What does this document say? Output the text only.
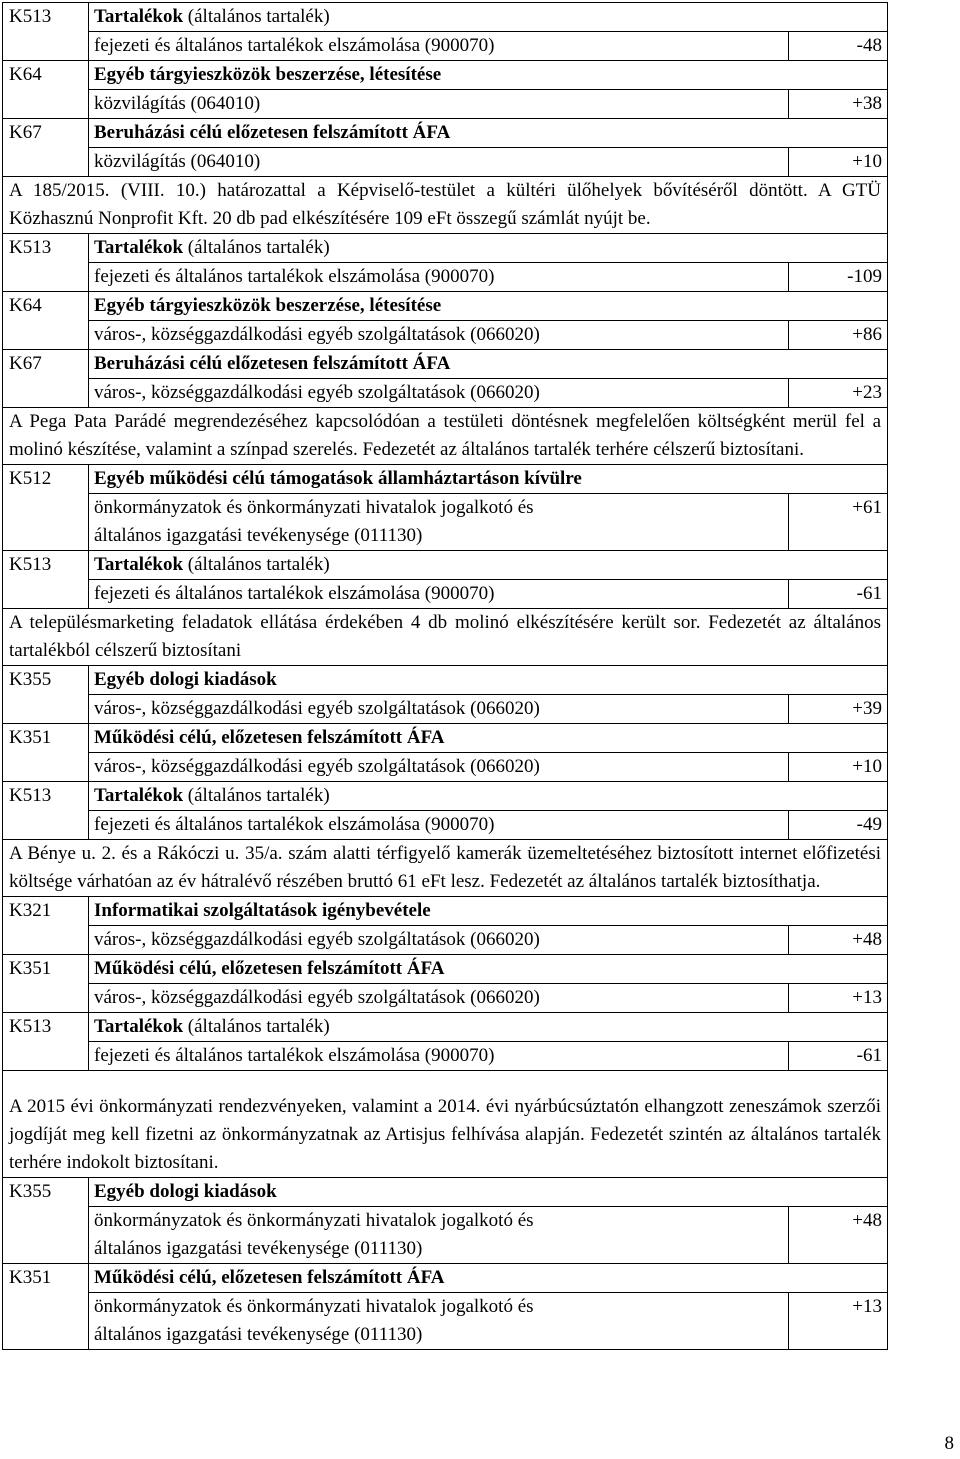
K513	Tartalékok (általános tartalék)
fejezeti és általános tartalékok elszámolása (900070)	-48
K64	Egyéb tárgyieszközök beszerzése, létesítése
közvilágítás (064010)	+38
K67	Beruházási célú előzetesen felszámított ÁFA
közvilágítás (064010)	+10
A 185/2015. (VIII. 10.) határozattal a Képviselő-testület a kültéri ülőhelyek bővítéséről döntött. A GTÜ Közhasznú Nonprofit Kft. 20 db pad elkészítésére 109 eFt összegű számlát nyújt be.
K513	Tartalékok (általános tartalék)
fejezeti és általános tartalékok elszámolása (900070)	-109
K64	Egyéb tárgyieszközök beszerzése, létesítése
város-, községgazdálkodási egyéb szolgáltatások (066020)	+86
K67	Beruházási célú előzetesen felszámított ÁFA
város-, községgazdálkodási egyéb szolgáltatások (066020)	+23
A Pega Pata Parádé megrendezéséhez kapcsolódóan a testületi döntésnek megfelelően költségként merül fel a molinó készítése, valamint a színpad szerelés. Fedezetét az általános tartalék terhére célszerű biztosítani.
K512	Egyéb működési célú támogatások államháztartáson kívülre
önkormányzatok és önkormányzati hivatalok jogalkotó és
általános igazgatási tevékenysége (011130)
+61
K513	Tartalékok (általános tartalék)
fejezeti és általános tartalékok elszámolása (900070)	-61
A településmarketing feladatok ellátása érdekében 4 db molinó elkészítésére került sor. Fedezetét az általános tartalékból célszerű biztosítani
K355	Egyéb dologi kiadások
város-, községgazdálkodási egyéb szolgáltatások (066020)	+39
K351	Működési célú, előzetesen felszámított ÁFA
város-, községgazdálkodási egyéb szolgáltatások (066020)	+10
K513	Tartalékok (általános tartalék)
fejezeti és általános tartalékok elszámolása (900070)	-49
A Bénye u. 2. és a Rákóczi u. 35/a. szám alatti térfigyelő kamerák üzemeltetéséhez biztosított internet előfizetési költsége várhatóan az év hátralévő részében bruttó 61 eFt lesz. Fedezetét az általános tartalék biztosíthatja.
K321	Informatikai szolgáltatások igénybevétele
város-, községgazdálkodási egyéb szolgáltatások (066020)	+48
K351	Működési célú, előzetesen felszámított ÁFA
város-, községgazdálkodási egyéb szolgáltatások (066020)	+13
K513	Tartalékok (általános tartalék)
fejezeti és általános tartalékok elszámolása (900070)	-61
A 2015 évi önkormányzati rendezvényeken, valamint a 2014. évi nyárbúcsúztatón elhangzott zeneszámok szerzői jogdíját meg kell fizetni az önkormányzatnak az Artisjus felhívása alapján. Fedezetét szintén az általános tartalék terhére indokolt biztosítani.
K355	Egyéb dologi kiadások
önkormányzatok és önkormányzati hivatalok jogalkotó és
általános igazgatási tevékenysége (011130)
+48
K351	Működési célú, előzetesen felszámított ÁFA
önkormányzatok és önkormányzati hivatalok jogalkotó és
általános igazgatási tevékenysége (011130)
+13
8
